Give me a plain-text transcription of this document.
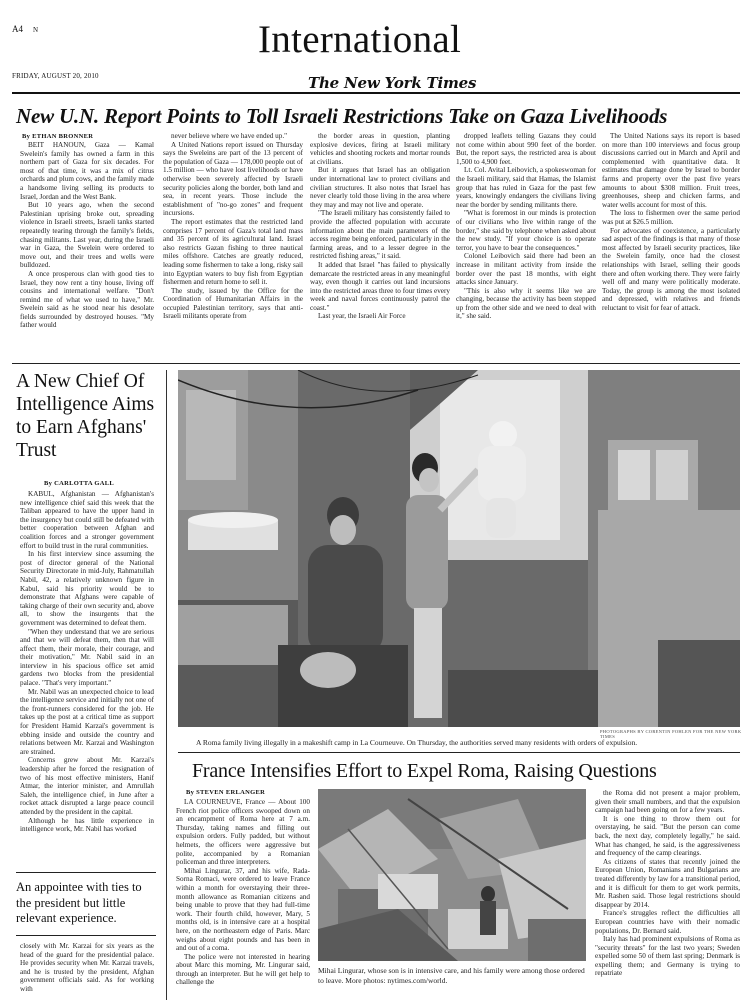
A4 N	International
FRIDAY, AUGUST 20, 2010	The New York Times
New U.N. Report Points to Toll Israeli Restrictions Take on Gaza Livelihoods
By ETHAN BRONNER

BEIT HANOUN, Gaza — Kamal Swelein's family has owned a farm in this northern part of Gaza for six decades. For most of that time, it was a mix of citrus orchards and plum cows, and the family made a handsome living selling its products to Israel, Jordan and the West Bank.

But 10 years ago, when the second Palestinian uprising broke out, spreading violence in Israeli streets, Israeli tanks started repeatedly tearing through the family's fields, chasing militants. Last year, during the Israeli war in Gaza, the Swelein were ordered to move out, and their trees and wells were bulldozed.

A once prosperous clan with good ties to Israel, they now rent a tiny house, living off cousins and international welfare. "Don't remind me of what we used to have," Mr. Swelein said as he stood near his desolate fields surrounded by destroyed houses. "My father would

never believe where we have ended up."

A United Nations report issued on Thursday says the Sweleins are part of the 13 percent of the population of Gaza — 178,000 people out of 1.5 million — who have lost livelihoods or have otherwise been severely affected by Israeli security policies along the border, both land and sea, in recent years. Those include the establishment of "no-go zones" and frequent incursions.

The report estimates that the restricted land comprises 17 percent of Gaza's total land mass and 35 percent of its agricultural land. Israel also restricts Gazan fishing to three nautical miles offshore. Catches are greatly reduced, leading some fishermen to take a long, risky sail into Egyptian waters to buy fish from Egyptian fishermen and return home to sell it.

The study, issued by the Office for the Coordination of Humanitarian Affairs in the occupied Palestinian territory, says that anti-Israeli militants operate from

the border areas in question, planting explosive devices, firing at Israeli military vehicles and shooting rockets and mortar rounds at civilians.

But it argues that Israel has an obligation under international law to protect civilians and civilian structures. It also notes that Israel has never clearly told those living in the area where they may and may not live and operate.

"The Israeli military has consistently failed to provide the affected population with accurate information about the main parameters of the access regime being enforced, particularly in the farming areas, and to a lesser degree in the restricted fishing areas," it said.

It added that Israel "has failed to physically demarcate the restricted areas in any meaningful way, even though it carries out land incursions into the restricted areas three to four times every week and naval forces continuously patrol the coast."

Last year, the Israeli Air Force

dropped leaflets telling Gazans they could not come within about 990 feet of the border. But, the report says, the restricted area is about 1,500 to 4,900 feet.

Lt. Col. Avital Leibovich, a spokeswoman for the Israeli military, said that Hamas, the Islamist group that has ruled in Gaza for the past few years, knowingly endangers the civilians living near the border by sending militants there.

"What is foremost in our minds is protection of our civilians who live within range of the border," she said by telephone when asked about the new study. "If your choice is to operate terror, you have to bear the consequences."

Colonel Leibovich said there had been an increase in militant activity from inside the border over the past 18 months, with eight attacks since January.

"This is also why it seems like we are changing, because the activity has been stepped up from the other side and we need to deal with it," she said.

The United Nations says its report is based on more than 100 interviews and focus group discussions carried out in March and April and complemented with quantitative data. It estimates that damage done by Israel to border farms and property over the past five years amounts to about $308 million. Fruit trees, greenhouses, sheep and chicken farms, and water wells account for most of this.

The loss to fishermen over the same period was put at $26.5 million.

For advocates of coexistence, a particularly sad aspect of the findings is that many of those most affected by Israeli security practices, like the Swelein family, once had the closest relationships with Israel, selling their goods there and often working there. They were fairly well off and many were politically moderate. Today, the group is among the most isolated and depressed, with relatives and friends reluctant to visit for fear of attack.

A New Chief Of Intelligence Aims to Earn Afghans' Trust
By CARLOTTA GALL

KABUL, Afghanistan — Afghanistan's new intelligence chief said this week that the Taliban appeared to have the upper hand in the insurgency but could still be defeated with better cooperation between Afghan and coalition forces and a stronger government effort to build trust in the rural communities.

In his first interview since assuming the post of director general of the National Security Directorate in mid-July, Rahmatullah Nabil, 42, a relatively unknown figure in Kabul, said his priority would be to demonstrate that Afghans were capable of taking charge of their own security and, above all, to show the insurgents that the government was determined to defeat them.

"When they understand that we are serious and that we will defeat them, then that will affect them, their morale, their courage, and their motivation," Mr. Nabil said in an interview in his spacious office set amid gardens two blocks from the presidential palace. "That's very important."

Mr. Nabil was an unexpected choice to lead the intelligence service and initially not one of the front-runners considered for the job. He takes up the post at a critical time as support for President Hamid Karzai's government is ebbing inside and outside the country and relations between Mr. Karzai and Washington are strained.

Concerns grew about Mr. Karzai's leadership after he forced the resignation of two of his most effective ministers, Hanif Atmar, the interior minister, and Amrullah Saleh, the intelligence chief, in June after a rocket attack disrupted a large peace council attended by the president in the capital.

Although he has little experience in intelligence work, Mr. Nabil has worked

An appointee with ties to the president but little relevant experience.
closely with Mr. Karzai for six years as the head of the guard for the presidential palace. He provides security when Mr. Karzai travels, and he is trusted by the president, Afghan government officials said. As for working with
PHOTOGRAPHS BY CORENTIN FOHLEN FOR THE NEW YORK TIMES
A Roma family living illegally in a makeshift camp in La Courneuve. On Thursday, the authorities served many residents with orders of expulsion.
France Intensifies Effort to Expel Roma, Raising Questions
By STEVEN ERLANGER

LA COURNEUVE, France — About 100 French riot police officers swooped down on an encampment of Roma here at 7 a.m. Thursday, taking names and filling out expulsion orders. Fully padded, but without helmets, the officers were aggressive but polite, accompanied by a Romanian policeman and three interpreters.

Mihai Lingurar, 37, and his wife, Rada-Sorna Romaci, were ordered to leave France within a month for overstaying their three-month allowance as Romanian citizens and being unable to prove that they had full-time work. Their fourth child, however, Mary, 5 months old, is in intensive care at a hospital here, on the northeastern edge of Paris. Marc weighs about eight pounds and has been in and out of a coma.

The police were not interested in hearing about Marc this morning, Mr. Lingurar said, through an interpreter. But he will get help to challenge the

Mihai Lingurar, whose son is in intensive care, and his family were among those ordered to leave. More photos: nytimes.com/world.

the Roma did not present a major problem, given their small numbers, and that the expulsion campaign had been going on for a few years.

It is one thing to throw them out for overstaying, he said. "But the person can come back, the next day, completely legally," he said. What has changed, he said, is the aggressiveness and frequency of the camp clearings.

As citizens of states that recently joined the European Union, Romanians and Bulgarians are treated differently by law for a transitional period, and it is difficult for them to get work permits, Mr. Rashen said. Those legal restrictions should disappear by 2014.

France's struggles reflect the difficulties all European countries have with their nomadic populations, Dr. Bernard said.

Italy has had prominent expulsions of Roma as "security threats" for the last two years; Sweden expelled some 50 of them last spring; Denmark is expelling them; and Germany is trying to repatriate
